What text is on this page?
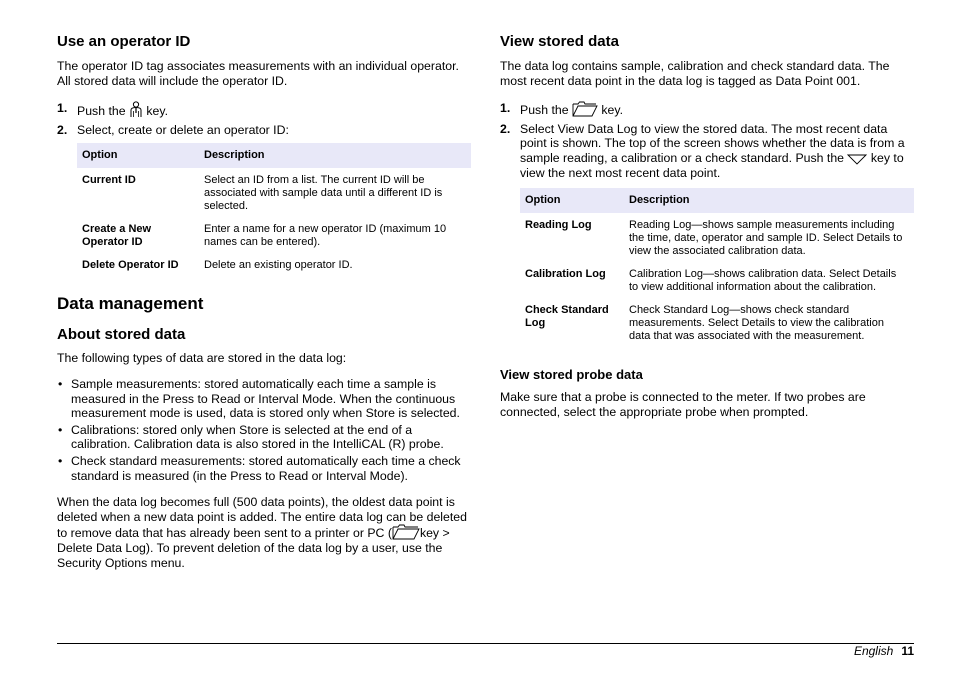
Use an operator ID

The operator ID tag associates measurements with an individual operator. All stored data will include the operator ID.

1. Push the key.
2. Select, create or delete an operator ID:
Option	Description
Current ID	Select an ID from a list. The current ID will be associated with sample data until a different ID is selected.
Create a New Operator ID	Enter a name for a new operator ID (maximum 10 names can be entered).
Delete Operator ID	Delete an existing operator ID.
Data management
About stored data

The following types of data are stored in the data log:

• Sample measurements: stored automatically each time a sample is measured in the Press to Read or Interval Mode. When the continuous measurement mode is used, data is stored only when Store is selected.
• Calibrations: stored only when Store is selected at the end of a calibration. Calibration data is also stored in the IntelliCAL (R) probe.
• Check standard measurements: stored automatically each time a check standard is measured (in the Press to Read or Interval Mode).

When the data log becomes full (500 data points), the oldest data point is deleted when a new data point is added. The entire data log can be deleted to remove data that has already been sent to a printer or PC ( key > Delete Data Log). To prevent deletion of the data log by a user, use the Security Options menu.

View stored data

The data log contains sample, calibration and check standard data. The most recent data point in the data log is tagged as Data Point 001.

1. Push the	key.
2. Select View Data Log to view the stored data. The most recent data point is shown. The top of the screen shows whether the data is from a sample reading, a calibration or a check standard. Push the key to view the next most recent data point.
Option	Description
Reading Log	Reading Log—shows sample measurements including the time, date, operator and sample ID. Select Details to view the associated calibration data.
Calibration Log	Calibration Log—shows calibration data. Select Details to view additional information about the calibration.
Check Standard Log	Check Standard Log—shows check standard measurements. Select Details to view the calibration data that was associated with the measurement.
View stored probe data

Make sure that a probe is connected to the meter. If two probes are connected, select the appropriate probe when prompted.

English 11
